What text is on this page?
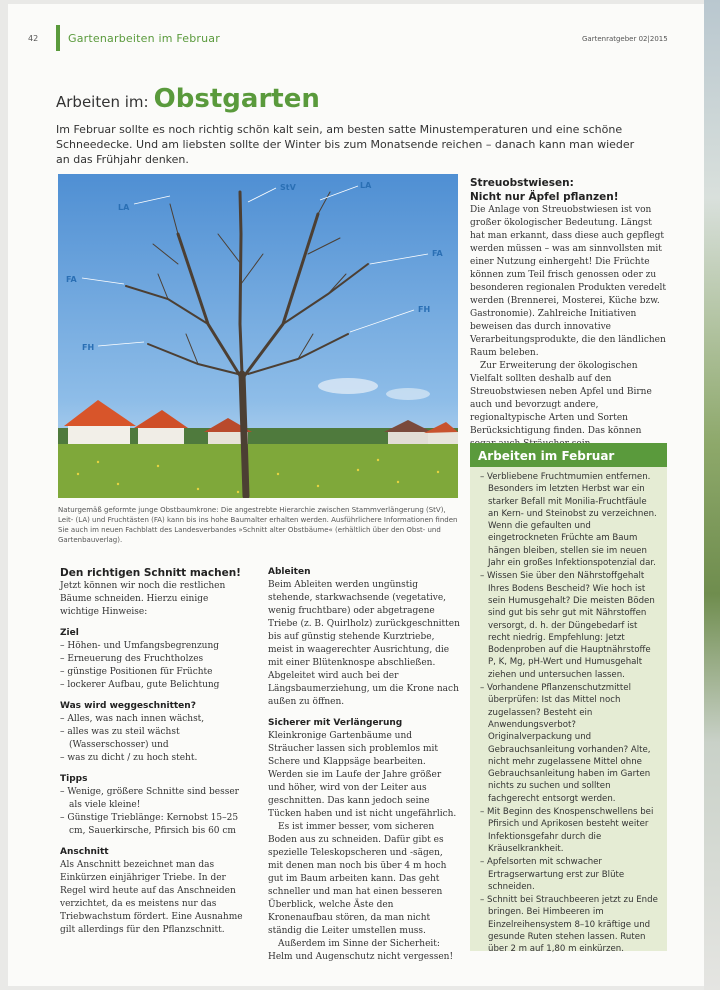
42	Gartenarbeiten im Februar	Gartenratgeber 02|2015
Arbeiten im: Obstgarten
Im Februar sollte es noch richtig schön kalt sein, am besten satte Minustemperaturen und eine schöne Schneedecke. Und am liebsten sollte der Winter bis zum Monatsende reichen – danach kann man wieder an das Frühjahr denken.
StV
LA
LA
FA
FA
FH
FH
Naturgemäß geformte junge Obstbaumkrone: Die angestrebte Hierarchie zwischen Stammverlängerung (StV), Leit- (LA) und Fruchtästen (FA) kann bis ins hohe Baumalter erhalten werden. Ausführlichere Informationen finden Sie auch im neuen Fachblatt des Landesverbandes »Schnitt alter Obstbäume« (erhältlich über den Obst- und Gartenbauverlag).
Den richtigen Schnitt machen!

Jetzt können wir noch die restlichen Bäume schneiden. Hierzu einige wichtige Hinweise:

Ziel
– Höhen- und Umfangsbegrenzung
– Erneuerung des Fruchtholzes
– günstige Positionen für Früchte
– lockerer Aufbau, gute Belichtung
Was wird weggeschnitten?
– Alles, was nach innen wächst,
– alles was zu steil wächst (Wasserschosser) und
– was zu dicht / zu hoch steht.
Tipps
– Wenige, größere Schnitte sind besser als viele kleine!
– Günstige Trieblänge: Kernobst 15–25 cm, Sauerkirsche, Pfirsich bis 60 cm
Anschnitt

Als Anschnitt bezeichnet man das Einkürzen einjähriger Triebe. In der Regel wird heute auf das Anschneiden verzichtet, da es meistens nur das Triebwachstum fördert. Eine Ausnahme gilt allerdings für den Pflanzschnitt.

Ableiten

Beim Ableiten werden ungünstig stehende, starkwachsende (vegetative, wenig fruchtbare) oder abgetragene Triebe (z. B. Quirlholz) zurückgeschnitten bis auf günstig stehende Kurztriebe, meist in waagerechter Ausrichtung, die mit einer Blütenknospe abschließen. Abgeleitet wird auch bei der Längsbaumerziehung, um die Krone nach außen zu öffnen.

Sicherer mit Verlängerung

Kleinkronige Gartenbäume und Sträucher lassen sich problemlos mit Schere und Klappsäge bearbeiten. Werden sie im Laufe der Jahre größer und höher, wird von der Leiter aus geschnitten. Das kann jedoch seine Tücken haben und ist nicht ungefährlich.

Es ist immer besser, vom sicheren Boden aus zu schneiden. Dafür gibt es spezielle Teleskopscheren und -sägen, mit denen man noch bis über 4 m hoch gut im Baum arbeiten kann. Das geht schneller und man hat einen besseren Überblick, welche Äste den Kronenaufbau stören, da man nicht ständig die Leiter umstellen muss.

Außerdem im Sinne der Sicherheit: Helm und Augenschutz nicht vergessen!

Streuobstwiesen:
Nicht nur Äpfel pflanzen!

Die Anlage von Streuobstwiesen ist von großer ökologischer Bedeutung. Längst hat man erkannt, dass diese auch gepflegt werden müssen – was am sinnvollsten mit einer Nutzung einhergeht! Die Früchte können zum Teil frisch genossen oder zu besonderen regionalen Produkten veredelt werden (Brennerei, Mosterei, Küche bzw. Gastronomie). Zahlreiche Initiativen beweisen das durch innovative Verarbeitungsprodukte, die den ländlichen Raum beleben.

Zur Erweiterung der ökologischen Vielfalt sollten deshalb auf den Streuobstwiesen neben Apfel und Birne auch und bevorzugt andere, regionaltypische Arten und Sorten Berücksichtigung finden. Das können

Arbeiten im Februar
– Verbliebene Fruchtmumien entfernen. Besonders im letzten Herbst war ein starker Befall mit Monilia-Fruchtfäule an Kern- und Steinobst zu verzeichnen. Wenn die gefaulten und eingetrockneten Früchte am Baum hängen bleiben, stellen sie im neuen Jahr ein großes Infektionspotenzial dar.
– Wissen Sie über den Nährstoffgehalt Ihres Bodens Bescheid? Wie hoch ist sein Humusgehalt? Die meisten Böden sind gut bis sehr gut mit Nährstoffen versorgt, d. h. der Düngebedarf ist recht niedrig. Empfehlung: Jetzt Bodenproben auf die Hauptnährstoffe P, K, Mg, pH-Wert und Humusgehalt ziehen und untersuchen lassen.
– Vorhandene Pflanzenschutzmittel überprüfen: Ist das Mittel noch zugelassen? Besteht ein Anwendungsverbot? Originalverpackung und Gebrauchsanleitung vorhanden? Alte, nicht mehr zugelassene Mittel ohne Gebrauchsanleitung haben im Garten nichts zu suchen und sollten fachgerecht entsorgt werden.
– Mit Beginn des Knospenschwellens bei Pfirsich und Aprikosen besteht weiter Infektionsgefahr durch die Kräuselkrankheit.
– Apfelsorten mit schwacher Ertragserwartung erst zur Blüte schneiden.
– Schnitt bei Strauchbeeren jetzt zu Ende bringen. Bei Himbeeren im Einzelreihensystem 8–10 kräftige und gesunde Ruten stehen lassen. Ruten über 2 m auf 1,80 m einkürzen.
